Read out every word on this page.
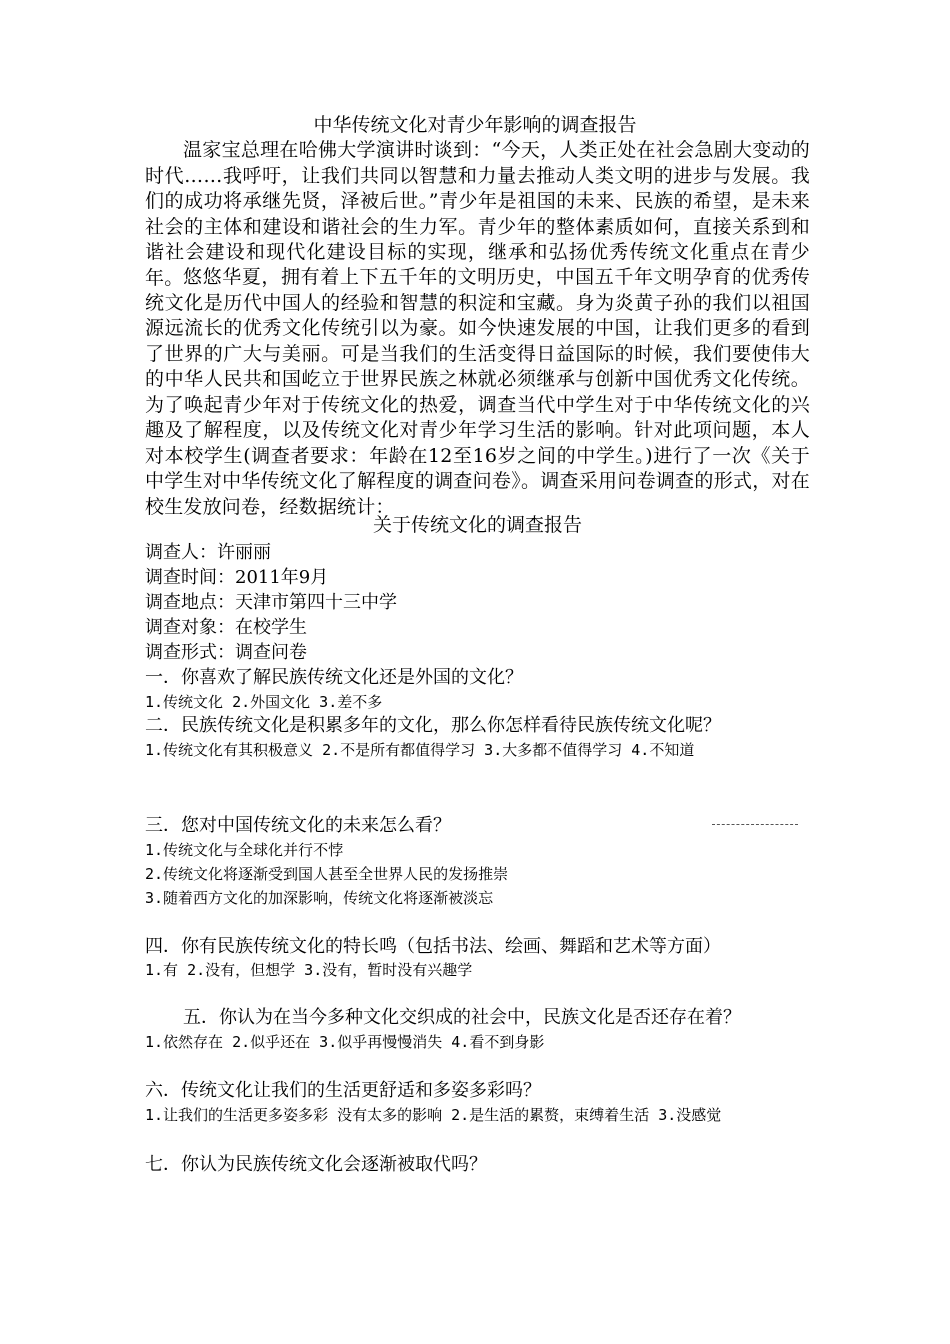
中华传统文化对青少年影响的调查报告
温家宝总理在哈佛大学演讲时谈到：“今天，人类正处在社会急剧大变动的时代……我呼吁，让我们共同以智慧和力量去推动人类文明的进步与发展。我们的成功将承继先贤，泽被后世。”青少年是祖国的未来、民族的希望，是未来社会的主体和建设和谐社会的生力军。青少年的整体素质如何，直接关系到和谐社会建设和现代化建设目标的实现，继承和弘扬优秀传统文化重点在青少年。 悠悠华夏，拥有着上下五千年的文明历史，中国五千年文明孕育的优秀传统文化是历代中国人的经验和智慧的积淀和宝藏。身为炎黄子孙的我们以祖国源远流长的优秀文化传统引以为豪。如今快速发展的中国，让我们更多的看到了世界的广大与美丽。可是当我们的生活变得日益国际的时候，我们要使伟大的中华人民共和国屹立于世界民族之林就必须继承与创新中国优秀文化传统。为了唤起青少年对于传统文化的热爱，调查当代中学生对于中华传统文化的兴趣及了解程度，以及传统文化对青少年学习生活的影响。针对此项问题，本人对本校学生(调查者要求：年龄在12至16岁之间的中学生。)进行了一次《关于中学生对中华传统文化了解程度的调查问卷》。调查采用问卷调查的形式，对在校生发放问卷，经数据统计：
关于传统文化的调查报告
调查人：许丽丽
调查时间：2011年9月
调查地点：天津市第四十三中学
调查对象：在校学生
调查形式：调查问卷
一．你喜欢了解民族传统文化还是外国的文化？
1.传统文化 2.外国文化 3.差不多
二．民族传统文化是积累多年的文化，那么你怎样看待民族传统文化呢？
1.传统文化有其积极意义 2.不是所有都值得学习 3.大多都不值得学习 4.不知道
三．您对中国传统文化的未来怎么看？
1.传统文化与全球化并行不悖
2.传统文化将逐渐受到国人甚至全世界人民的发扬推崇
3.随着西方文化的加深影响，传统文化将逐渐被淡忘
四．你有民族传统文化的特长鸣（包括书法、绘画、舞蹈和艺术等方面）
1.有 2.没有，但想学 3.没有，暂时没有兴趣学
五．你认为在当今多种文化交织成的社会中，民族文化是否还存在着？
1.依然存在 2.似乎还在 3.似乎再慢慢消失 4.看不到身影
六．传统文化让我们的生活更舒适和多姿多彩吗？
1.让我们的生活更多姿多彩 没有太多的影响 2.是生活的累赘，束缚着生活 3.没感觉
七．你认为民族传统文化会逐渐被取代吗？
